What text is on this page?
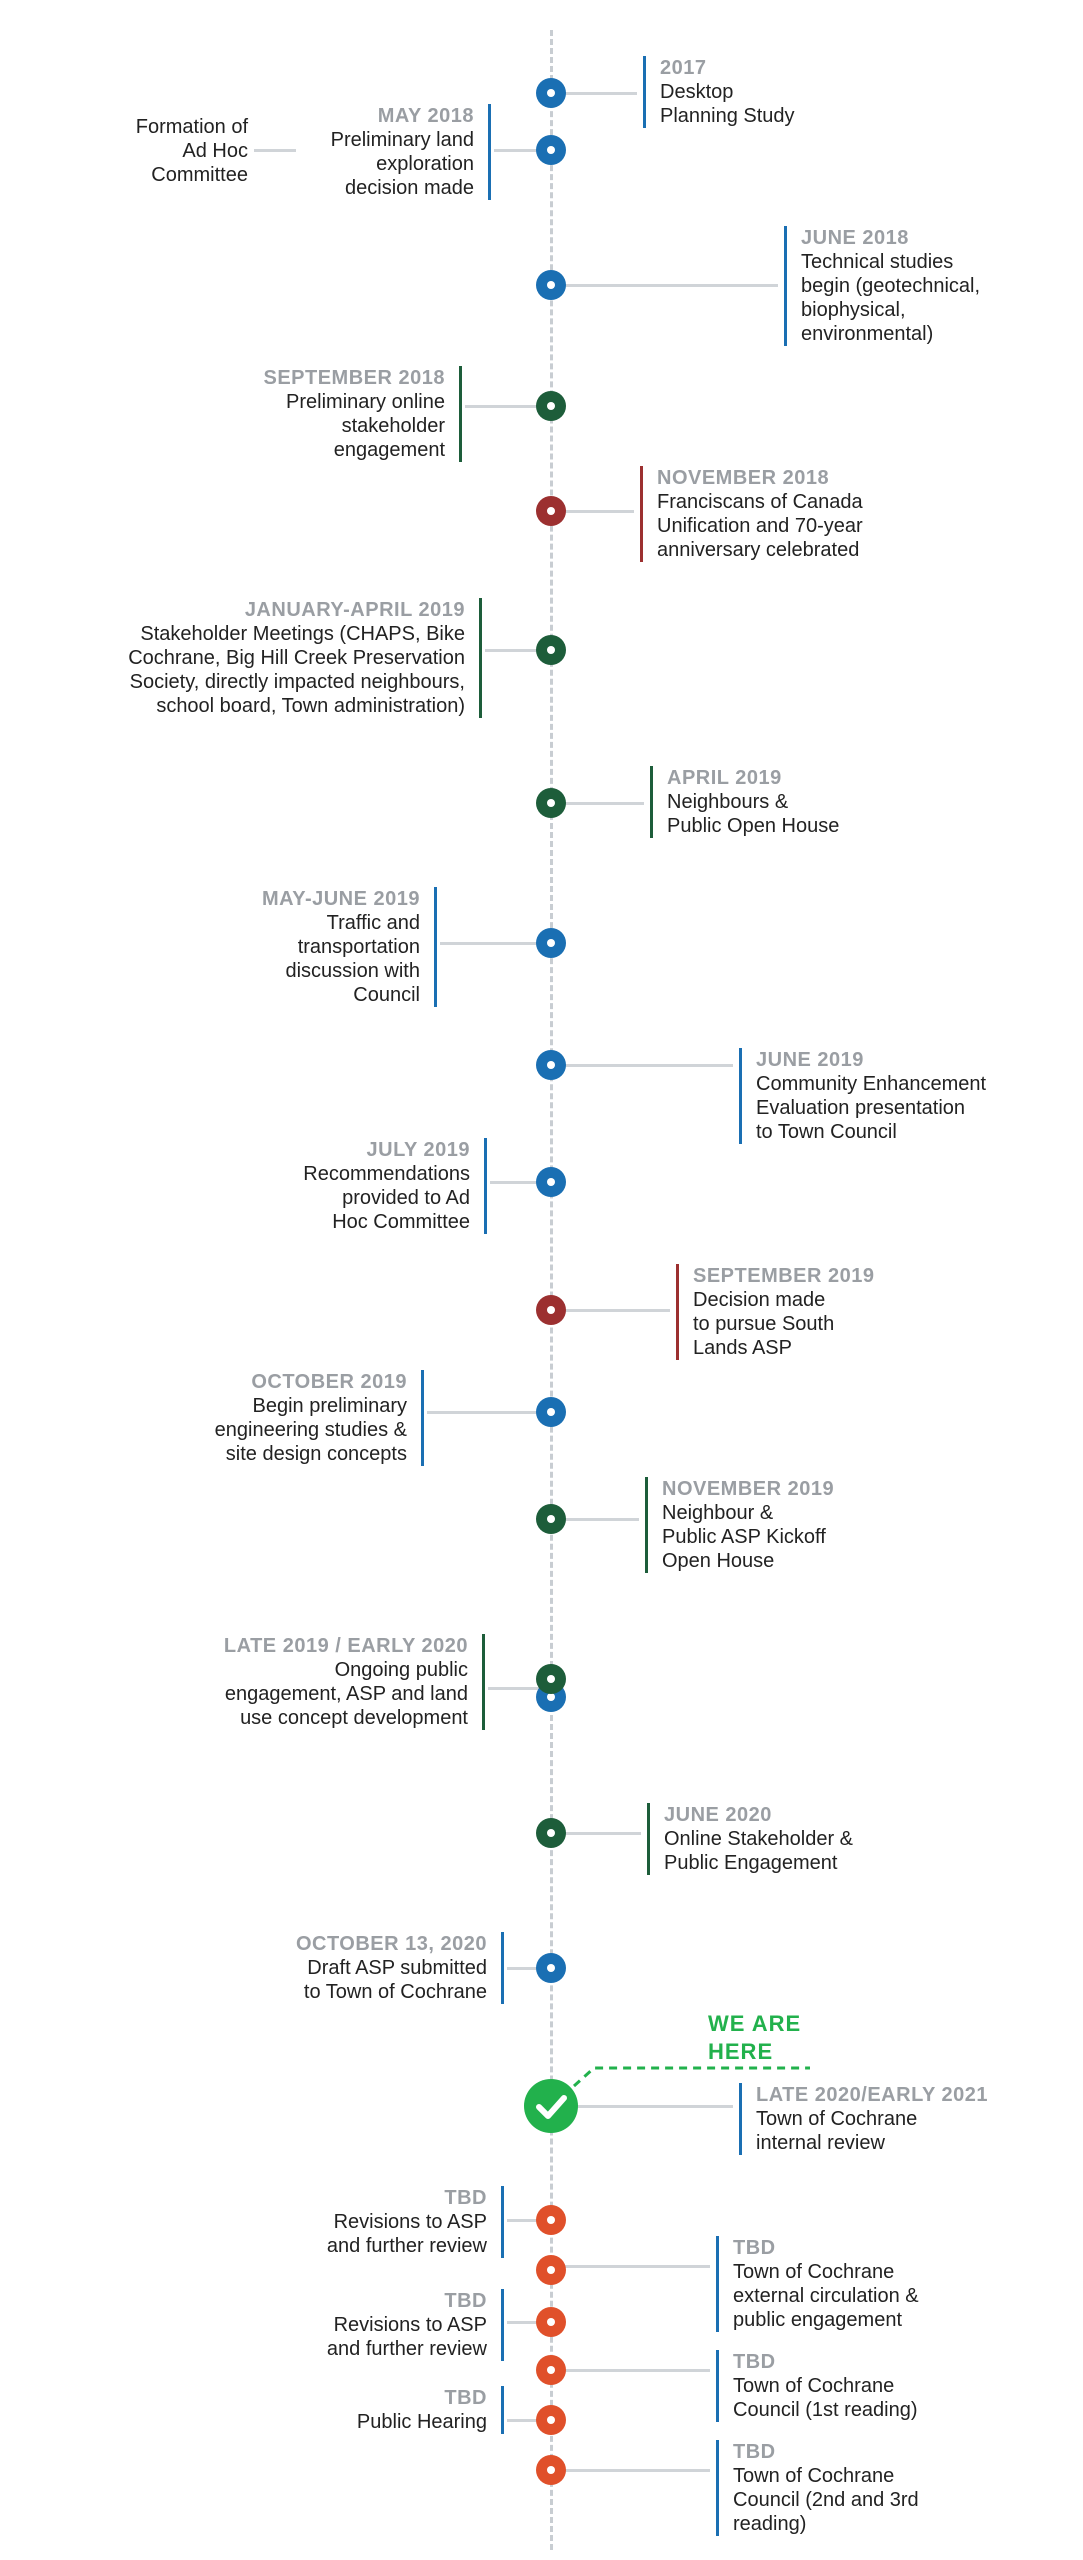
Formation of
Ad Hoc
Committee
WE ARE
HERE
2017
Desktop
Planning Study
MAY 2018
Preliminary land
exploration
decision made
JUNE 2018
Technical studies
begin (geotechnical,
biophysical,
environmental)
SEPTEMBER 2018
Preliminary online
stakeholder
engagement
NOVEMBER 2018
Franciscans of Canada
Unification and 70-year
anniversary celebrated
JANUARY-APRIL 2019
Stakeholder Meetings (CHAPS, Bike
Cochrane, Big Hill Creek Preservation
Society, directly impacted neighbours,
school board, Town administration)
APRIL 2019
Neighbours &
Public Open House
MAY-JUNE 2019
Traffic and
transportation
discussion with
Council
JUNE 2019
Community Enhancement
Evaluation presentation
to Town Council
JULY 2019
Recommendations
provided to Ad
Hoc Committee
SEPTEMBER 2019
Decision made
to pursue South
Lands ASP
OCTOBER 2019
Begin preliminary
engineering studies &
site design concepts
NOVEMBER 2019
Neighbour &
Public ASP Kickoff
Open House
LATE 2019 / EARLY 2020
Ongoing public
engagement, ASP and land
use concept development
JUNE 2020
Online Stakeholder &
Public Engagement
OCTOBER 13, 2020
Draft ASP submitted
to Town of Cochrane
LATE 2020/EARLY 2021
Town of Cochrane
internal review
TBD
Revisions to ASP
and further review	TBD
Town of Cochrane
external circulation &
public engagement
TBD
Revisions to ASP
and further review
TBD
Town of Cochrane
Council (1st reading)
TBD
Public Hearing
TBD
Town of Cochrane
Council (2nd and 3rd
reading)
